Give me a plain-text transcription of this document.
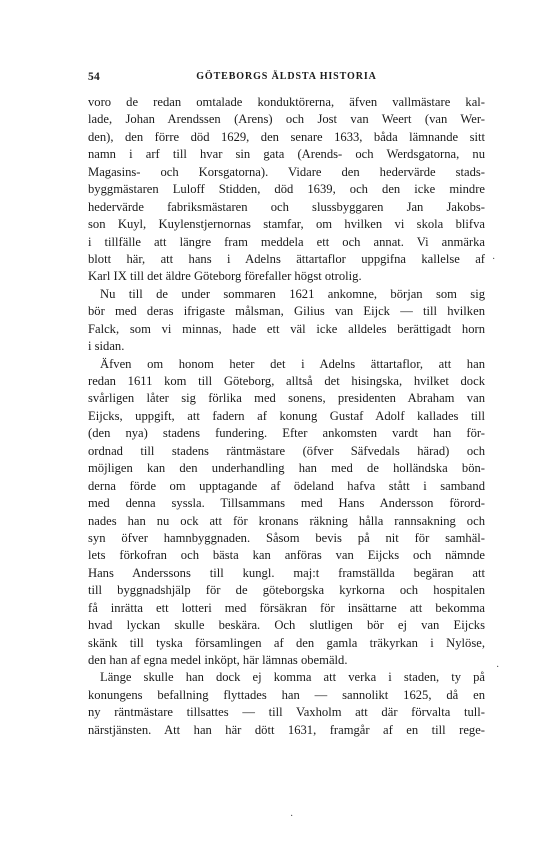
54	GÖTEBORGS ÄLDSTA HISTORIA
voro de redan omtalade konduktörerna, äfven vallmästare kal-
lade, Johan Arendssen (Arens) och Jost van Weert (van Wer-
den), den förre död 1629, den senare 1633, båda lämnande sitt
namn i arf till hvar sin gata (Arends- och Werdsgatorna, nu
Magasins- och Korsgatorna). Vidare den hedervärde stads-
byggmästaren Luloff Stidden, död 1639, och den icke mindre
hedervärde fabriksmästaren och slussbyggaren Jan Jakobs-
son Kuyl, Kuylenstjernornas stamfar, om hvilken vi skola blifva
i tillfälle att längre fram meddela ett och annat. Vi anmärka
blott här, att hans i Adelns ättartaflor uppgifna kallelse af
Karl IX till det äldre Göteborg förefaller högst otrolig.
Nu till de under sommaren 1621 ankomne, början som sig
bör med deras ifrigaste målsman, Gilius van Eijck — till hvilken
Falck, som vi minnas, hade ett väl icke alldeles berättigadt horn
i sidan.
Äfven om honom heter det i Adelns ättartaflor, att han
redan 1611 kom till Göteborg, alltså det hisingska, hvilket dock
svårligen låter sig förlika med sonens, presidenten Abraham van
Eijcks, uppgift, att fadern af konung Gustaf Adolf kallades till
(den nya) stadens fundering. Efter ankomsten vardt han för-
ordnad till stadens räntmästare (öfver Säfvedals härad) och
möjligen kan den underhandling han med de holländska bön-
derna förde om upptagande af ödeland hafva stått i samband
med denna syssla. Tillsammans med Hans Andersson förord-
nades han nu ock att för kronans räkning hålla rannsakning och
syn öfver hamnbyggnaden. Såsom bevis på nit för samhäl-
lets förkofran och bästa kan anföras van Eijcks och nämnde
Hans Anderssons till kungl. maj:t framställda begäran att
till byggnadshjälp för de göteborgska kyrkorna och hospitalen
få inrätta ett lotteri med försäkran för insättarne att bekomma
hvad lyckan skulle beskära. Och slutligen bör ej van Eijcks
skänk till tyska församlingen af den gamla träkyrkan i Nylöse,
den han af egna medel inköpt, här lämnas obemäld.
Länge skulle han dock ej komma att verka i staden, ty på
konungens befallning flyttades han — sannolikt 1625, då en
ny räntmästare tillsattes — till Vaxholm att där förvalta tull-
närstjänsten. Att han här dött 1631, framgår af en till rege-
·
·
·
